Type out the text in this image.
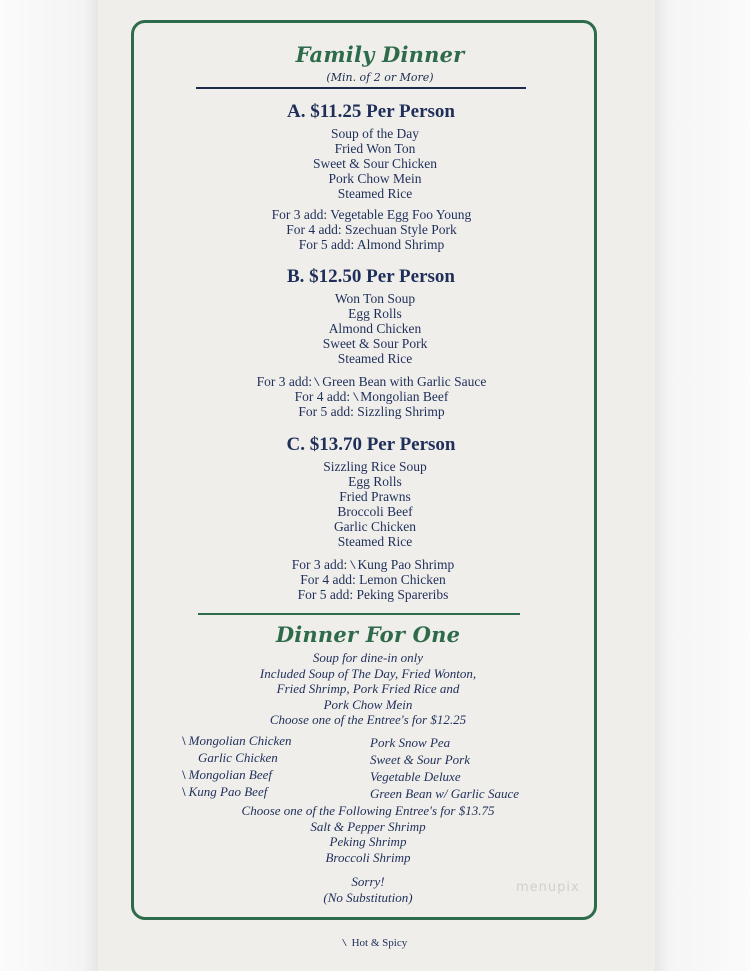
Family Dinner
(Min. of 2 or More)
A. $11.25 Per Person
Soup of the Day
Fried Won Ton
Sweet & Sour Chicken
Pork Chow Mein
Steamed Rice
For 3 add: Vegetable Egg Foo Young
For 4 add: Szechuan Style Pork
For 5 add: Almond Shrimp
B. $12.50 Per Person
Won Ton Soup
Egg Rolls
Almond Chicken
Sweet & Sour Pork
Steamed Rice
For 3 add: \ Green Bean with Garlic Sauce
For 4 add: \ Mongolian Beef
For 5 add: Sizzling Shrimp
C. $13.70 Per Person
Sizzling Rice Soup
Egg Rolls
Fried Prawns
Broccoli Beef
Garlic Chicken
Steamed Rice
For 3 add: \ Kung Pao Shrimp
For 4 add: Lemon Chicken
For 5 add: Peking Spareribs
Dinner For One
Soup for dine-in only
Included Soup of The Day, Fried Wonton,
Fried Shrimp, Pork Fried Rice and
Pork Chow Mein
Choose one of the Entree's for $12.25
\ Mongolian Chicken
Garlic Chicken
\ Mongolian Beef
\ Kung Pao Beef
Pork Snow Pea
Sweet & Sour Pork
Vegetable Deluxe
Green Bean w/ Garlic Sauce
Choose one of the Following Entree's for $13.75
Salt & Pepper Shrimp
Peking Shrimp
Broccoli Shrimp
Sorry!
(No Substitution)
menupix
\ Hot & Spicy
